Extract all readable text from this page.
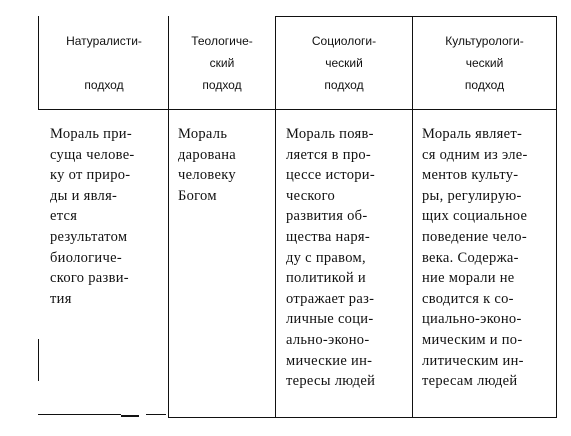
Натуралисти-

подход
Теологиче-
ский
подход
Социологи-
ческий
подход
Культурологи-
ческий
подход
Мораль при-
суща челове-
ку от приро-
ды и явля-
ется
результатом
биологиче-
ского разви-
тия
Мораль
дарована
человеку
Богом
Мораль появ-
ляется в про-
цессе истори-
ческого
развития об-
щества наря-
ду с правом,
политикой и
отражает раз-
личные соци-
ально-эконо-
мические ин-
тересы людей
Мораль являет-
ся одним из эле-
ментов культу-
ры, регулирую-
щих социальное
поведение чело-
века. Содержа-
ние морали не
сводится к со-
циально-эконо-
мическим и по-
литическим ин-
тересам людей
